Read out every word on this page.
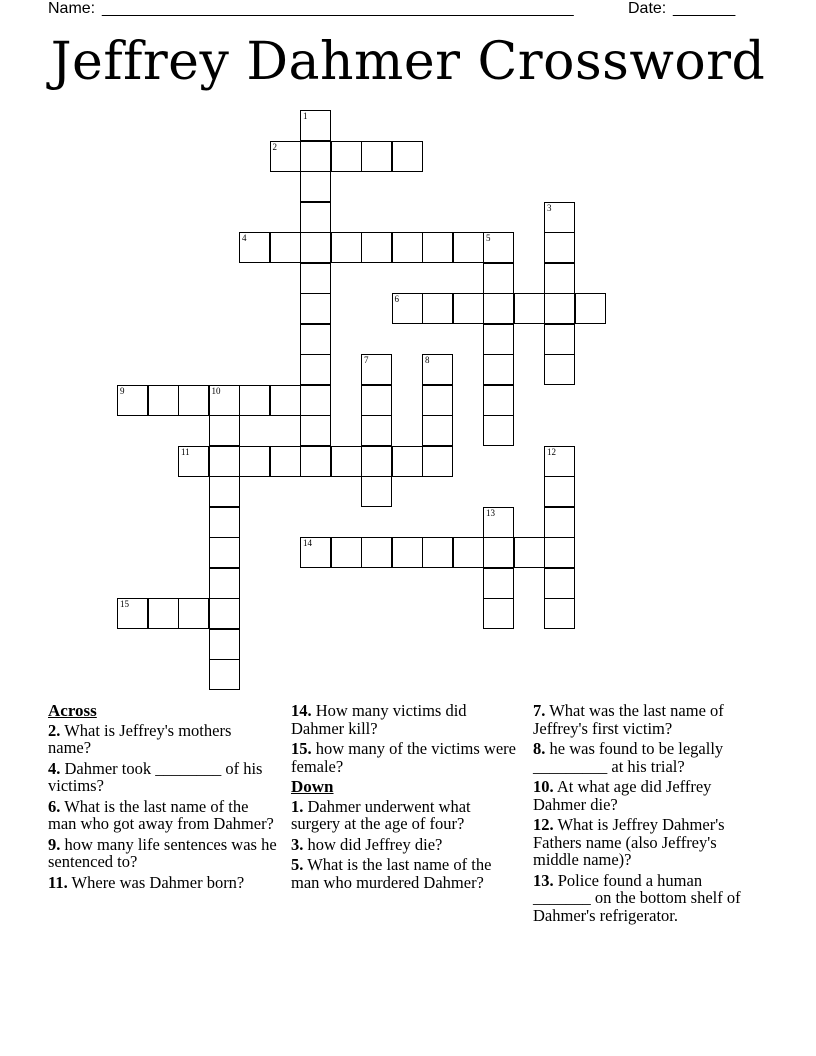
Name: _____________________________________________________	Date: _______
Jeffrey Dahmer Crossword
1
2
3
4	5
6
7	8
9	10
11	12
13
14
15
Across
2. What is Jeffrey's mothers name?
4. Dahmer took ________ of his victims?
6. What is the last name of the man who got away from Dahmer?
9. how many life sentences was he sentenced to?
11. Where was Dahmer born?
14. How many victims did Dahmer kill?
15. how many of the victims were female?
Down
1. Dahmer underwent what surgery at the age of four?
3. how did Jeffrey die?
5. What is the last name of the man who murdered Dahmer?
7. What was the last name of Jeffrey's first victim?
8. he was found to be legally _________ at his trial?
10. At what age did Jeffrey Dahmer die?
12. What is Jeffrey Dahmer's Fathers name (also Jeffrey's middle name)?
13. Police found a human _______ on the bottom shelf of Dahmer's refrigerator.
